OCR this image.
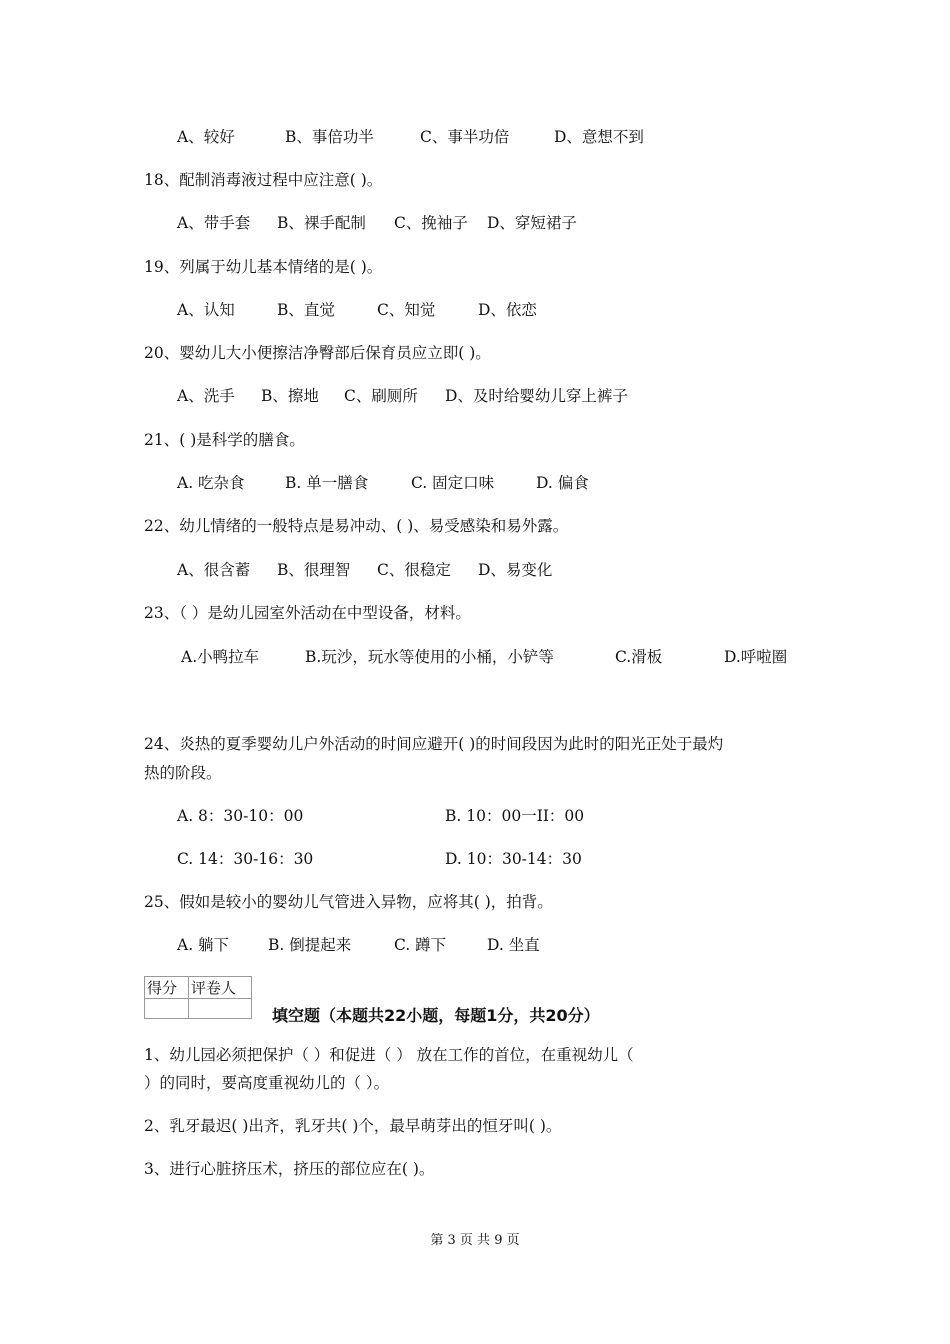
A、较好	B、事倍功半	C、事半功倍	D、意想不到
18、配制消毒液过程中应注意( )。
A、带手套 B、裸手配制 C、挽袖子 D、穿短裙子
19、列属于幼儿基本情绪的是( )。
A、认知	B、直觉	C、知觉	D、依恋
20、婴幼儿大小便擦洁净臀部后保育员应立即( )。
A、洗手 B、擦地 C、刷厕所 D、及时给婴幼儿穿上裤子
21、( )是科学的膳食。
A. 吃杂食	B. 单一膳食	C. 固定口味	D. 偏食
22、幼儿情绪的一般特点是易冲动、( )、易受感染和易外露。
A、很含蓄 B、很理智 C、很稳定 D、易变化
23、（ ）是幼儿园室外活动在中型设备，材料。
A.小鸭拉车	B.玩沙，玩水等使用的小桶，小铲等	C.滑板	D.呼啦圈
24、炎热的夏季婴幼儿户外活动的时间应避开( )的时间段因为此时的阳光正处于最灼
热的阶段。
A. 8：30-10：00	B. 10：00一II：00
C. 14：30-16：30	D. 10：30-14：30
25、假如是较小的婴幼儿气管进入异物，应将其( )，拍背。
A. 躺下	B. 倒提起来	C. 蹲下	D. 坐直
得分	评卷人

填空题（本题共22小题，每题1分，共20分）
1、幼儿园必须把保护（ ）和促进（ ） 放在工作的首位，在重视幼儿（
）的同时，要高度重视幼儿的（ ）。
2、乳牙最迟( )出齐，乳牙共( )个，最早萌芽出的恒牙叫( )。
3、进行心脏挤压术，挤压的部位应在( )。
第 3 页 共 9 页
